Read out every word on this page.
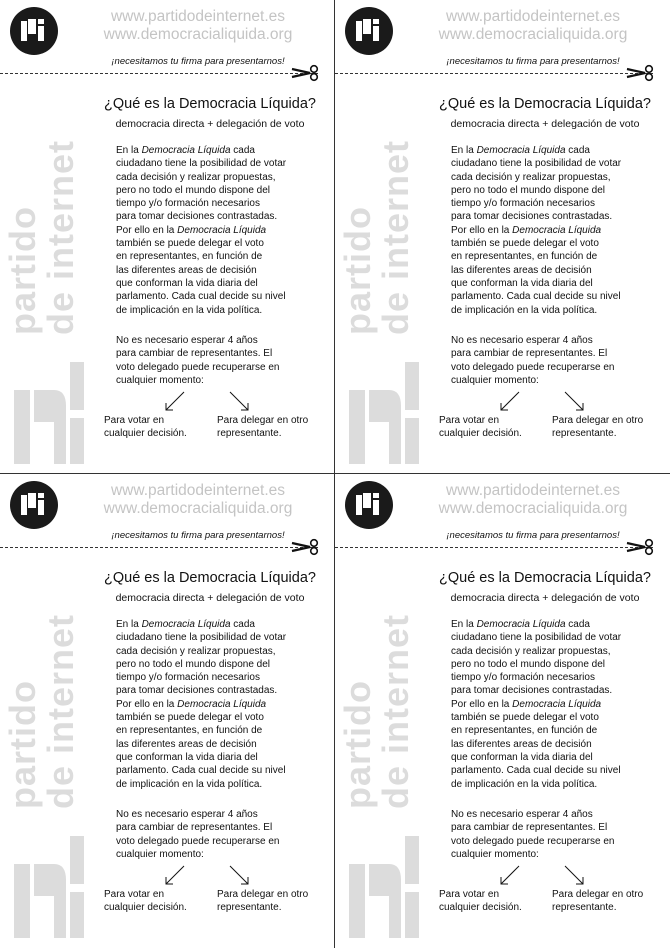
www.partidodeinternet.es
www.democracialiquida.org
¡necesitamos tu firma para presentarnos!
partido
de internet
¿Qué es la Democracia Líquida?
democracia directa + delegación de voto
En la Democracia Líquida cada
ciudadano tiene la posibilidad de votar
cada decisión y realizar propuestas,
pero no todo el mundo dispone del
tiempo y/o formación necesarios
para tomar decisiones contrastadas.
Por ello en la Democracia Líquida
también se puede delegar el voto
en representantes, en función de
las diferentes areas de decisión
que conforman la vida diaria del
parlamento. Cada cual decide su nivel
de implicación en la vida política.
No es necesario esperar 4 años
para cambiar de representantes. El
voto delegado puede recuperarse en
cualquier momento:
Para votar en
cualquier decisión.
Para delegar en otro
representante.
www.partidodeinternet.es
www.democracialiquida.org
¡necesitamos tu firma para presentarnos!
partido
de internet
¿Qué es la Democracia Líquida?
democracia directa + delegación de voto
En la Democracia Líquida cada
ciudadano tiene la posibilidad de votar
cada decisión y realizar propuestas,
pero no todo el mundo dispone del
tiempo y/o formación necesarios
para tomar decisiones contrastadas.
Por ello en la Democracia Líquida
también se puede delegar el voto
en representantes, en función de
las diferentes areas de decisión
que conforman la vida diaria del
parlamento. Cada cual decide su nivel
de implicación en la vida política.
No es necesario esperar 4 años
para cambiar de representantes. El
voto delegado puede recuperarse en
cualquier momento:
Para votar en
cualquier decisión.
Para delegar en otro
representante.
www.partidodeinternet.es
www.democracialiquida.org
¡necesitamos tu firma para presentarnos!
partido
de internet
¿Qué es la Democracia Líquida?
democracia directa + delegación de voto
En la Democracia Líquida cada
ciudadano tiene la posibilidad de votar
cada decisión y realizar propuestas,
pero no todo el mundo dispone del
tiempo y/o formación necesarios
para tomar decisiones contrastadas.
Por ello en la Democracia Líquida
también se puede delegar el voto
en representantes, en función de
las diferentes areas de decisión
que conforman la vida diaria del
parlamento. Cada cual decide su nivel
de implicación en la vida política.
No es necesario esperar 4 años
para cambiar de representantes. El
voto delegado puede recuperarse en
cualquier momento:
Para votar en
cualquier decisión.
Para delegar en otro
representante.
www.partidodeinternet.es
www.democracialiquida.org
¡necesitamos tu firma para presentarnos!
partido
de internet
¿Qué es la Democracia Líquida?
democracia directa + delegación de voto
En la Democracia Líquida cada
ciudadano tiene la posibilidad de votar
cada decisión y realizar propuestas,
pero no todo el mundo dispone del
tiempo y/o formación necesarios
para tomar decisiones contrastadas.
Por ello en la Democracia Líquida
también se puede delegar el voto
en representantes, en función de
las diferentes areas de decisión
que conforman la vida diaria del
parlamento. Cada cual decide su nivel
de implicación en la vida política.
No es necesario esperar 4 años
para cambiar de representantes. El
voto delegado puede recuperarse en
cualquier momento:
Para votar en
cualquier decisión.
Para delegar en otro
representante.
